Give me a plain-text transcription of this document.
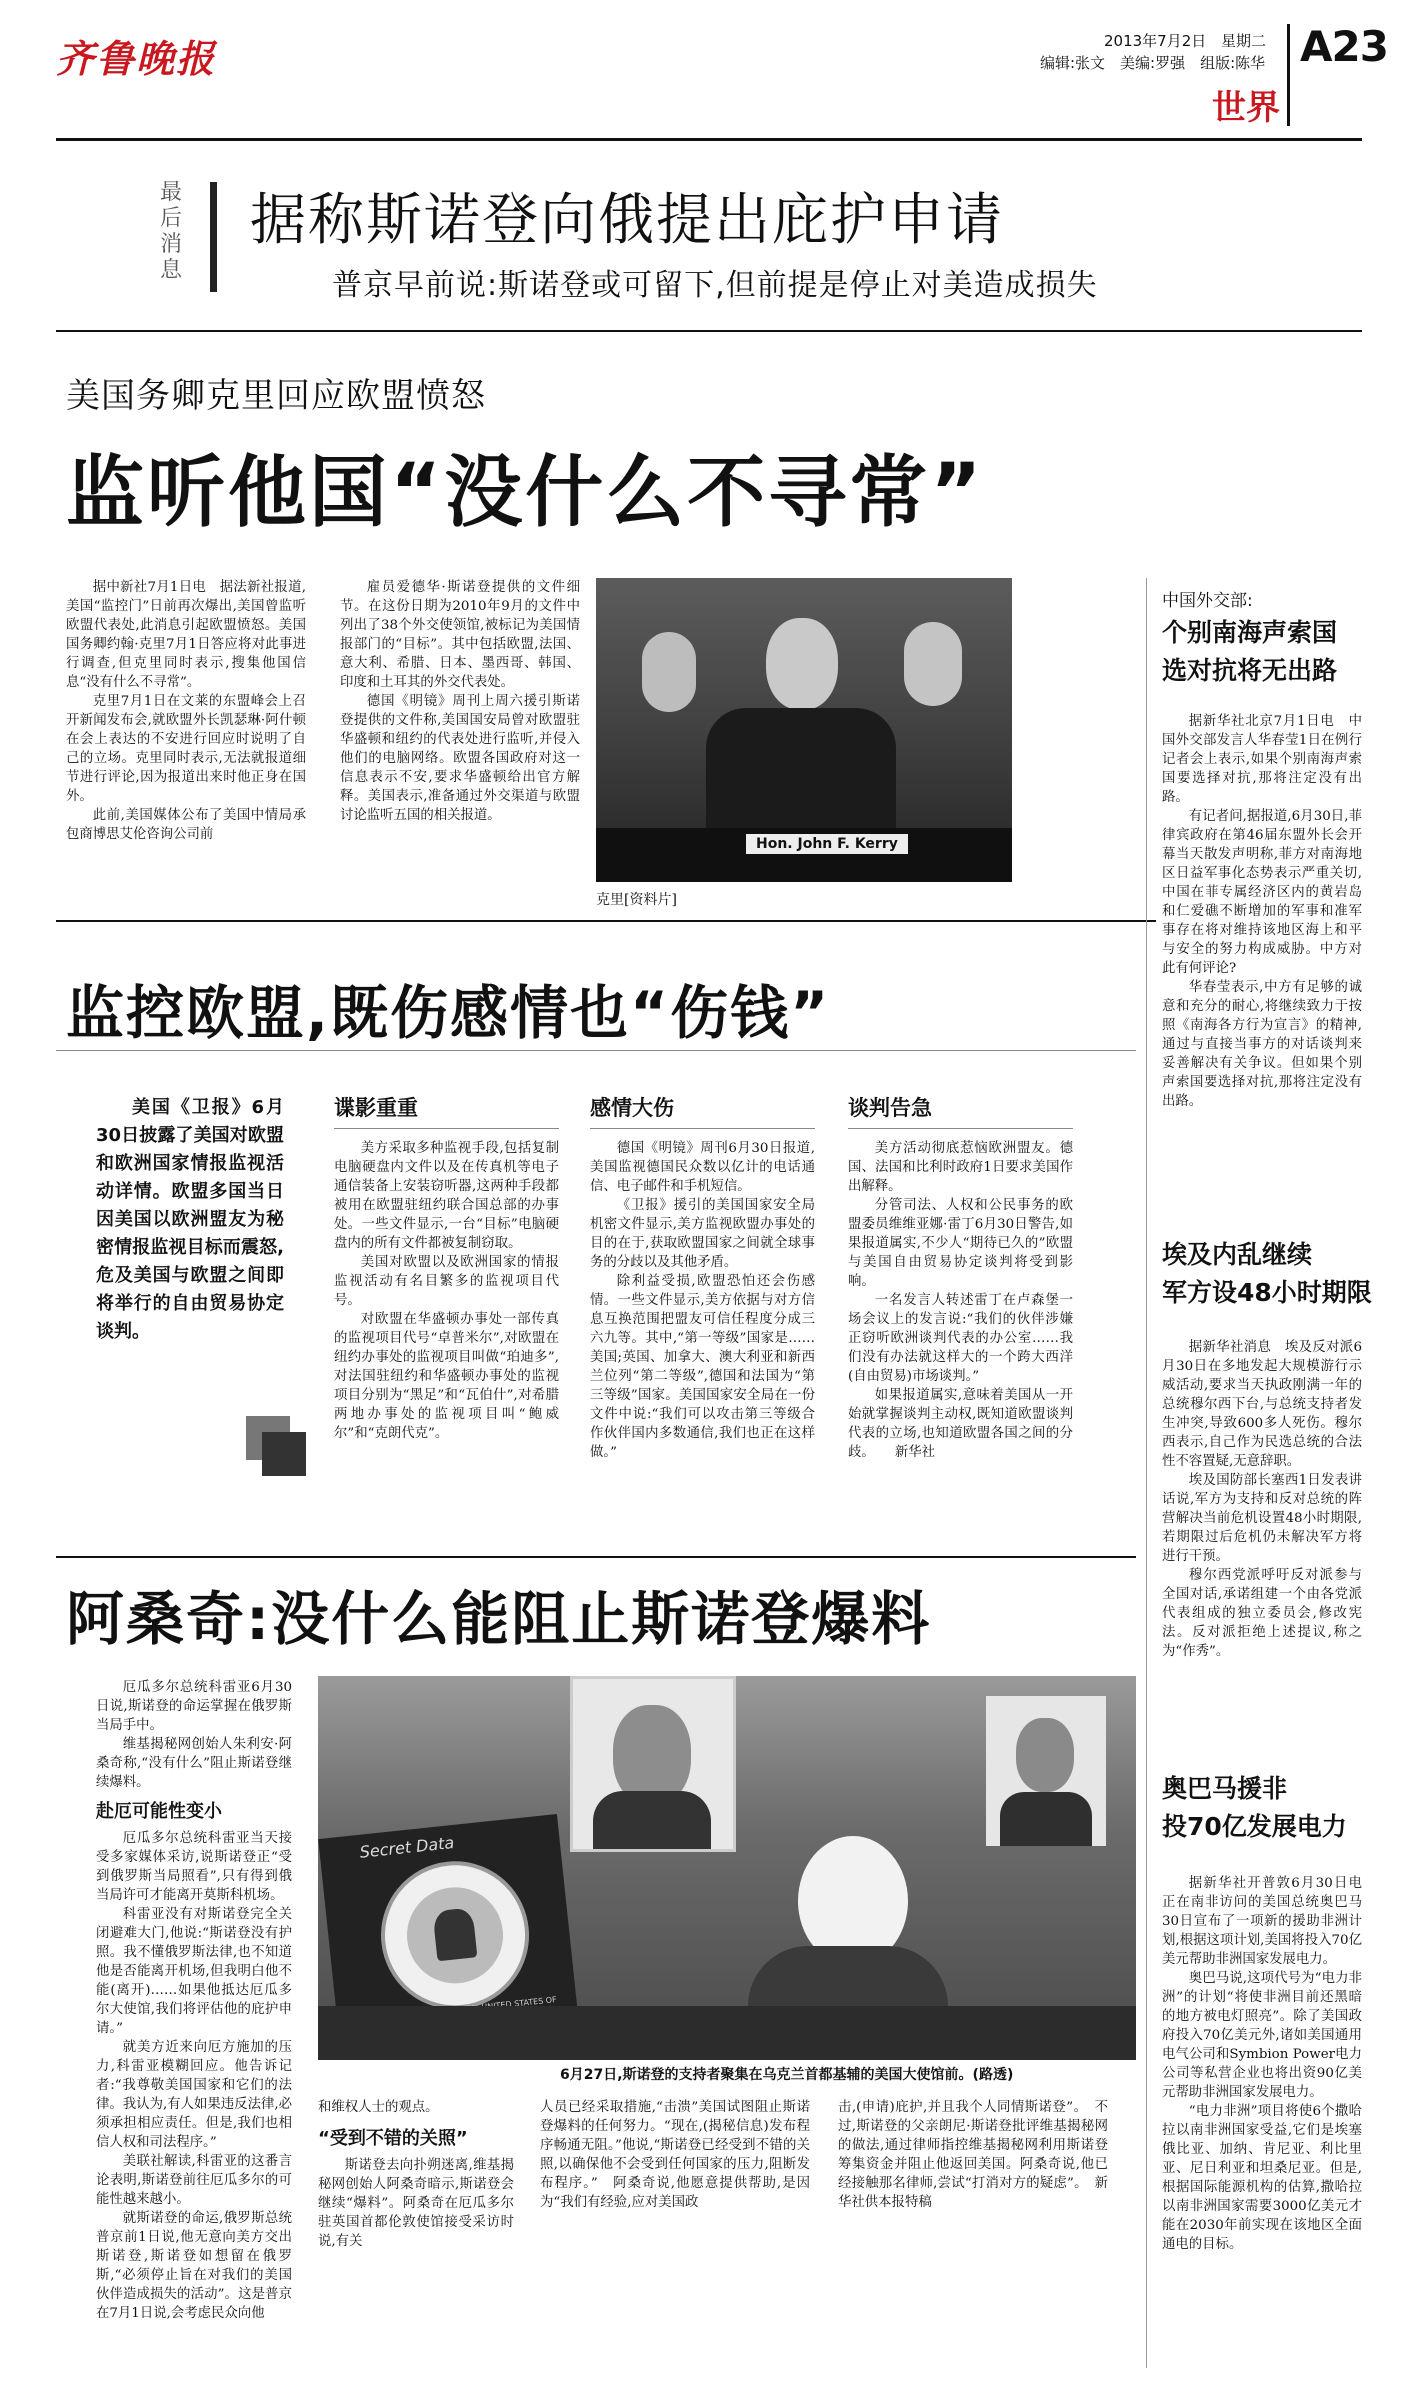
齐鲁晚报	2013年7月2日 星期二
编辑:张文　美编:罗强　组版:陈华 A23
世界
最后消息
据称斯诺登向俄提出庇护申请
普京早前说:斯诺登或可留下,但前提是停止对美造成损失
美国务卿克里回应欧盟愤怒
监听他国“没什么不寻常”

据中新社7月1日电　据法新社报道,美国“监控门”日前再次爆出,美国曾监听欧盟代表处,此消息引起欧盟愤怒。美国国务卿约翰·克里7月1日答应将对此事进行调查,但克里同时表示,搜集他国信息“没有什么不寻常”。

克里7月1日在文莱的东盟峰会上召开新闻发布会,就欧盟外长凯瑟琳·阿什顿在会上表达的不安进行回应时说明了自己的立场。克里同时表示,无法就报道细节进行评论,因为报道出来时他正身在国外。

此前,美国媒体公布了美国中情局承包商博思艾伦咨询公司前

雇员爱德华·斯诺登提供的文件细节。在这份日期为2010年9月的文件中列出了38个外交使领馆,被标记为美国情报部门的“目标”。其中包括欧盟,法国、意大利、希腊、日本、墨西哥、韩国、印度和土耳其的外交代表处。

德国《明镜》周刊上周六援引斯诺登提供的文件称,美国国安局曾对欧盟驻华盛顿和纽约的代表处进行监听,并侵入他们的电脑网络。欧盟各国政府对这一信息表示不安,要求华盛顿给出官方解释。美国表示,准备通过外交渠道与欧盟讨论监听五国的相关报道。

Hon. John F. Kerry
克里[资料片]
中国外交部:
个别南海声索国
选对抗将无出路

据新华社北京7月1日电　中国外交部发言人华春莹1日在例行记者会上表示,如果个别南海声索国要选择对抗,那将注定没有出路。

有记者问,据报道,6月30日,菲律宾政府在第46届东盟外长会开幕当天散发声明称,菲方对南海地区日益军事化态势表示严重关切,中国在菲专属经济区内的黄岩岛和仁爱礁不断增加的军事和准军事存在将对维持该地区海上和平与安全的努力构成威胁。中方对此有何评论?

华春莹表示,中方有足够的诚意和充分的耐心,将继续致力于按照《南海各方行为宣言》的精神,通过与直接当事方的对话谈判来妥善解决有关争议。但如果个别声索国要选择对抗,那将注定没有出路。

监控欧盟,既伤感情也“伤钱”
美国《卫报》6月30日披露了美国对欧盟和欧洲国家情报监视活动详情。欧盟多国当日因美国以欧洲盟友为秘密情报监视目标而震怒,危及美国与欧盟之间即将举行的自由贸易协定谈判。
谍影重重

美方采取多种监视手段,包括复制电脑硬盘内文件以及在传真机等电子通信装备上安装窃听器,这两种手段都被用在欧盟驻纽约联合国总部的办事处。一些文件显示,一台“目标”电脑硬盘内的所有文件都被复制窃取。

美国对欧盟以及欧洲国家的情报监视活动有名目繁多的监视项目代号。

对欧盟在华盛顿办事处一部传真的监视项目代号“卓普米尔”,对欧盟在纽约办事处的监视项目叫做“珀迪多”,对法国驻纽约和华盛顿办事处的监视项目分别为“黑足”和“瓦伯什”,对希腊两地办事处的监视项目叫“鲍威尔”和“克朗代克”。

感情大伤

德国《明镜》周刊6月30日报道,美国监视德国民众数以亿计的电话通信、电子邮件和手机短信。

《卫报》援引的美国国家安全局机密文件显示,美方监视欧盟办事处的目的在于,获取欧盟国家之间就全球事务的分歧以及其他矛盾。

除利益受损,欧盟恐怕还会伤感情。一些文件显示,美方依据与对方信息互换范围把盟友可信任程度分成三六九等。其中,“第一等级”国家是……美国;英国、加拿大、澳大利亚和新西兰位列“第二等级”,德国和法国为“第三等级”国家。美国国家安全局在一份文件中说:“我们可以攻击第三等级合作伙伴国内多数通信,我们也正在这样做。”

谈判告急

美方活动彻底惹恼欧洲盟友。德国、法国和比利时政府1日要求美国作出解释。

分管司法、人权和公民事务的欧盟委员维维亚娜·雷丁6月30日警告,如果报道属实,不少人“期待已久的”欧盟与美国自由贸易协定谈判将受到影响。

一名发言人转述雷丁在卢森堡一场会议上的发言说:“我们的伙伴涉嫌正窃听欧洲谈判代表的办公室……我们没有办法就这样大的一个跨大西洋(自由贸易)市场谈判。”

如果报道属实,意味着美国从一开始就掌握谈判主动权,既知道欧盟谈判代表的立场,也知道欧盟各国之间的分歧。　　新华社

埃及内乱继续
军方设48小时期限

据新华社消息　埃及反对派6月30日在多地发起大规模游行示威活动,要求当天执政刚满一年的总统穆尔西下台,与总统支持者发生冲突,导致600多人死伤。穆尔西表示,自己作为民选总统的合法性不容置疑,无意辞职。

埃及国防部长塞西1日发表讲话说,军方为支持和反对总统的阵营解决当前危机设置48小时期限,若期限过后危机仍未解决军方将进行干预。

穆尔西党派呼吁反对派参与全国对话,承诺组建一个由各党派代表组成的独立委员会,修改宪法。反对派拒绝上述提议,称之为“作秀”。

阿桑奇:没什么能阻止斯诺登爆料

厄瓜多尔总统科雷亚6月30日说,斯诺登的命运掌握在俄罗斯当局手中。

维基揭秘网创始人朱利安·阿桑奇称,“没有什么”阻止斯诺登继续爆料。

赴厄可能性变小

厄瓜多尔总统科雷亚当天接受多家媒体采访,说斯诺登正“受到俄罗斯当局照看”,只有得到俄当局许可才能离开莫斯科机场。

科雷亚没有对斯诺登完全关闭避难大门,他说:“斯诺登没有护照。我不懂俄罗斯法律,也不知道他是否能离开机场,但我明白他不能(离开)……如果他抵达厄瓜多尔大使馆,我们将评估他的庇护申请。”

就美方近来向厄方施加的压力,科雷亚模糊回应。他告诉记者:“我尊敬美国国家和它们的法律。我认为,有人如果违反法律,必须承担相应责任。但是,我们也相信人权和司法程序。”

美联社解读,科雷亚的这番言论表明,斯诺登前往厄瓜多尔的可能性越来越小。

就斯诺登的命运,俄罗斯总统普京前1日说,他无意向美方交出斯诺登,斯诺登如想留在俄罗斯,“必须停止旨在对我们的美国伙伴造成损失的活动”。这是普京在7月1日说,会考虑民众向他

Secret Data
6月27日,斯诺登的支持者聚集在乌克兰首都基辅的美国大使馆前。(路透)

和维权人士的观点。

“受到不错的关照”

斯诺登去向扑朔迷离,维基揭秘网创始人阿桑奇暗示,斯诺登会继续“爆料”。阿桑奇在厄瓜多尔驻英国首都伦敦使馆接受采访时说,有关

人员已经采取措施,“击溃”美国试图阻止斯诺登爆料的任何努力。“现在,(揭秘信息)发布程序畅通无阻。”他说,“斯诺登已经受到不错的关照,以确保他不会受到任何国家的压力,阻断发布程序。”　阿桑奇说,他愿意提供帮助,是因为“我们有经验,应对美国政

击,(申请)庇护,并且我个人同情斯诺登”。　不过,斯诺登的父亲朗尼·斯诺登批评维基揭秘网的做法,通过律师指控维基揭秘网利用斯诺登筹集资金并阻止他返回美国。阿桑奇说,他已经接触那名律师,尝试“打消对方的疑虑”。　新华社供本报特稿

奥巴马援非
投70亿发展电力

据新华社开普敦6月30日电　正在南非访问的美国总统奥巴马30日宣布了一项新的援助非洲计划,根据这项计划,美国将投入70亿美元帮助非洲国家发展电力。

奥巴马说,这项代号为“电力非洲”的计划“将使非洲目前还黑暗的地方被电灯照亮”。除了美国政府投入70亿美元外,诸如美国通用电气公司和Symbion Power电力公司等私营企业也将出资90亿美元帮助非洲国家发展电力。

“电力非洲”项目将使6个撒哈拉以南非洲国家受益,它们是埃塞俄比亚、加纳、肯尼亚、利比里亚、尼日利亚和坦桑尼亚。但是,根据国际能源机构的估算,撒哈拉以南非洲国家需要3000亿美元才能在2030年前实现在该地区全面通电的目标。
